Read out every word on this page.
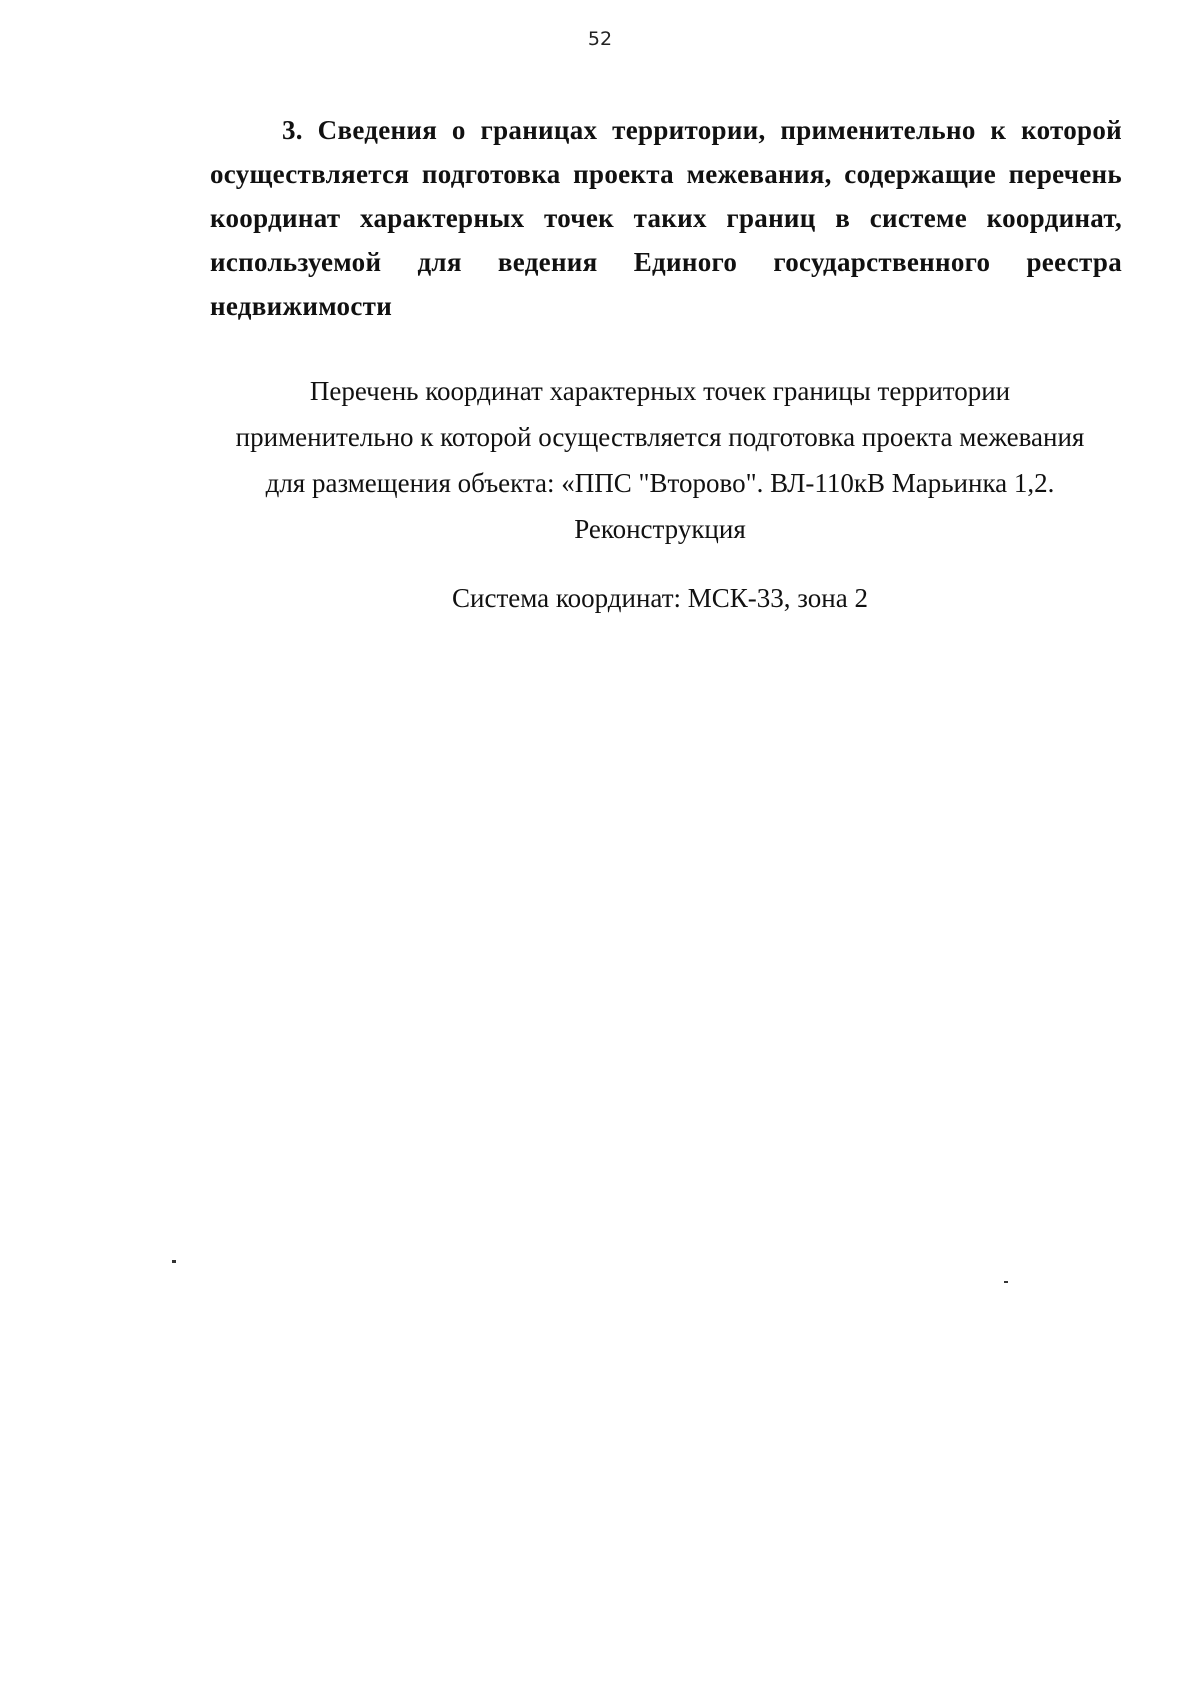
52

3. Сведения о границах территории, применительно к которой осуществляется подготовка проекта межевания, содержащие перечень координат характерных точек таких границ в системе координат, используемой для ведения Единого государственного реестра недвижимости

Перечень координат характерных точек границы территории
применительно к которой осуществляется подготовка проекта межевания
для размещения объекта: «ППС "Второво". ВЛ-110кВ Марьинка 1,2.
Реконструкция

Система координат: МСК-33, зона 2
